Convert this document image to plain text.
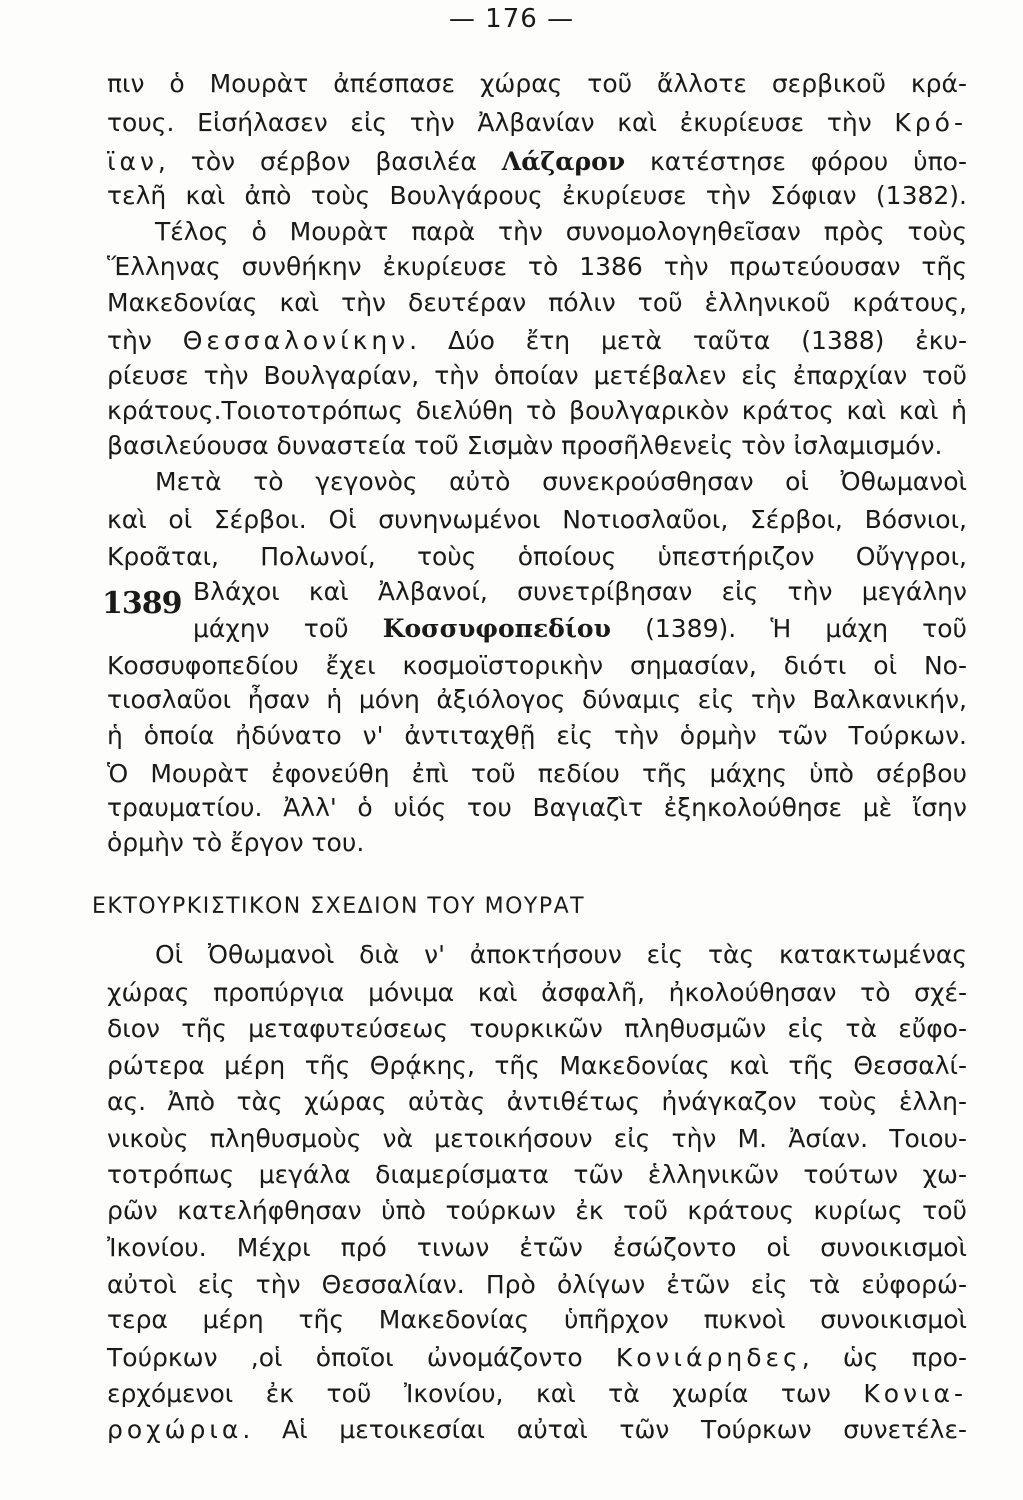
— 176 —
πιν ὁ Μουρὰτ ἀπέσπασε χώρας τοῦ ἄλλοτε σερβικοῦ κρά-
τους. Εἰσήλασεν εἰς τὴν Ἀλβανίαν καὶ ἐκυρίευσε τὴν Κρό-
ϊαν, τὸν σέρβον βασιλέα Λάζαρον κατέστησε φόρου ὑπο-
τελῆ καὶ ἀπὸ τοὺς Βουλγάρους ἐκυρίευσε τὴν Σόφιαν (1382).
Τέλος ὁ Μουρὰτ παρὰ τὴν συνομολογηθεῖσαν πρὸς τοὺς
Ἕλληνας συνθήκην ἐκυρίευσε τὸ 1386 τὴν πρωτεύουσαν τῆς
Μακεδονίας καὶ τὴν δευτέραν πόλιν τοῦ ἑλληνικοῦ κράτους,
τὴν Θεσσαλονίκην. Δύο ἔτη μετὰ ταῦτα (1388) ἐκυ-
ρίευσε τὴν Βουλγαρίαν, τὴν ὁποίαν μετέβαλεν εἰς ἐπαρχίαν τοῦ
κράτους.Τοιοτοτρόπως διελύθη τὸ βουλγαρικὸν κράτος καὶ καὶ ἡ
βασιλεύουσα δυναστεία τοῦ Σισμὰν προσῆλθενεἰς τὸν ἰσλαμισμόν.
Μετὰ τὸ γεγονὸς αὐτὸ συνεκρούσθησαν οἱ Ὀθωμανοὶ
καὶ οἱ Σέρβοι. Οἱ συνηνωμένοι Νοτιοσλαῦοι, Σέρβοι, Βόσνιοι,
Κροᾶται, Πολωνοί, τοὺς ὁποίους ὑπεστήριζον Οὔγγροι,
1389 Βλάχοι καὶ Ἀλβανοί, συνετρίβησαν εἰς τὴν μεγάλην
μάχην τοῦ Κοσσυφοπεδίου (1389). Ἡ μάχη τοῦ
Κοσσυφοπεδίου ἔχει κοσμοϊστορικὴν σημασίαν, διότι οἱ Νο-
τιοσλαῦοι ἦσαν ἡ μόνη ἀξιόλογος δύναμις εἰς τὴν Βαλκανικήν,
ἡ ὁποία ἠδύνατο ν' ἀντιταχθῇ εἰς τὴν ὁρμὴν τῶν Τούρκων.
Ὁ Μουρὰτ ἐφονεύθη ἐπὶ τοῦ πεδίου τῆς μάχης ὑπὸ σέρβου
τραυματίου. Ἀλλ' ὁ υἱός του Βαγιαζὶτ ἐξηκολούθησε μὲ ἴσην
ὁρμὴν τὸ ἔργον του.
ΕΚΤΟΥΡΚΙΣΤΙΚΟΝ ΣΧΕΔΙΟΝ ΤΟΥ ΜΟΥΡΑΤ
Οἱ Ὀθωμανοὶ διὰ ν' ἀποκτήσουν εἰς τὰς κατακτωμένας
χώρας προπύργια μόνιμα καὶ ἀσφαλῆ, ἠκολούθησαν τὸ σχέ-
διον τῆς μεταφυτεύσεως τουρκικῶν πληθυσμῶν εἰς τὰ εὔφο-
ρώτερα μέρη τῆς Θρᾴκης, τῆς Μακεδονίας καὶ τῆς Θεσσαλί-
ας. Ἀπὸ τὰς χώρας αὐτὰς ἀντιθέτως ἠνάγκαζον τοὺς ἑλλη-
νικοὺς πληθυσμοὺς νὰ μετοικήσουν εἰς τὴν Μ. Ἀσίαν. Τοιου-
τοτρόπως μεγάλα διαμερίσματα τῶν ἑλληνικῶν τούτων χω-
ρῶν κατελήφθησαν ὑπὸ τούρκων ἐκ τοῦ κράτους κυρίως τοῦ
Ἰκονίου. Μέχρι πρό τινων ἐτῶν ἐσώζοντο οἱ συνοικισμοὶ
αὐτοὶ εἰς τὴν Θεσσαλίαν. Πρὸ ὀλίγων ἐτῶν εἰς τὰ εὐφορώ-
τερα μέρη τῆς Μακεδονίας ὑπῆρχον πυκνοὶ συνοικισμοὶ
Τούρκων ,οἱ ὁποῖοι ὠνομάζοντο Κονιάρηδες, ὡς προ-
ερχόμενοι ἐκ τοῦ Ἰκονίου, καὶ τὰ χωρία των Κονια-
ροχώρια. Αἱ μετοικεσίαι αὐταὶ τῶν Τούρκων συνετέλε-
